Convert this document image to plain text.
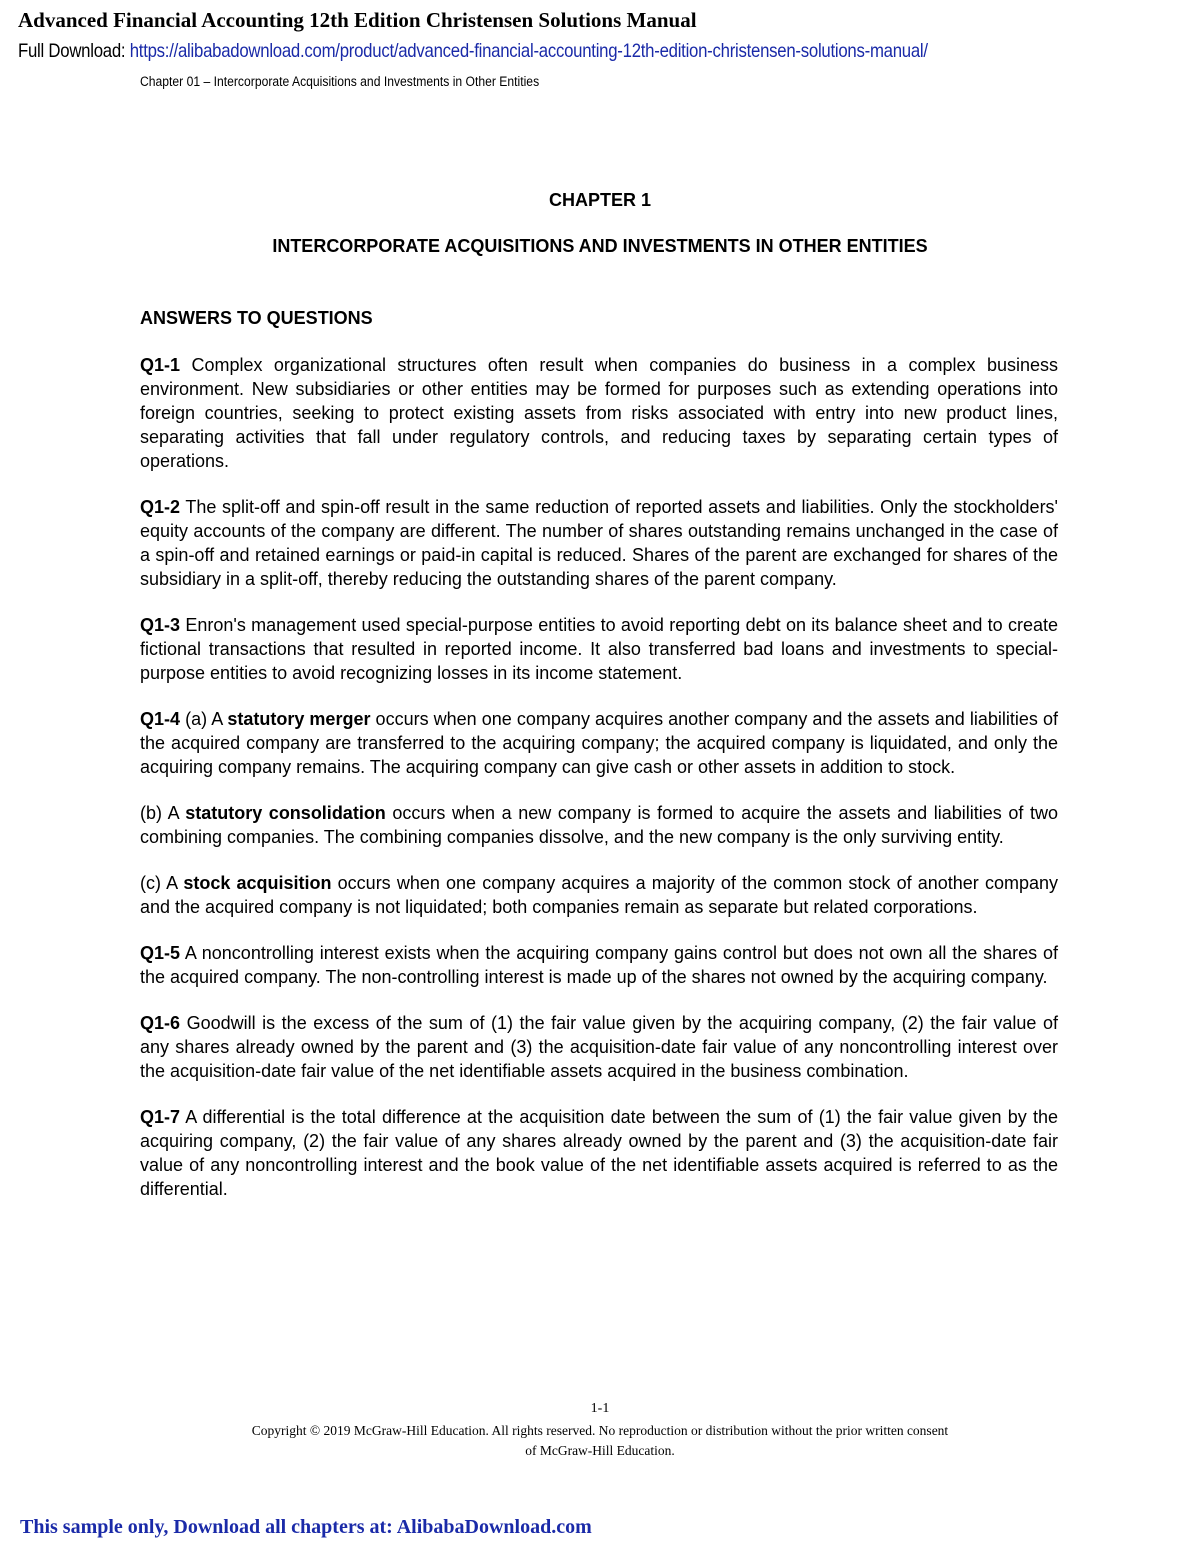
Advanced Financial Accounting 12th Edition Christensen Solutions Manual
Full Download: https://alibabadownload.com/product/advanced-financial-accounting-12th-edition-christensen-solutions-manual/
Chapter 01 – Intercorporate Acquisitions and Investments in Other Entities
CHAPTER 1
INTERCORPORATE ACQUISITIONS AND INVESTMENTS IN OTHER ENTITIES
ANSWERS TO QUESTIONS

Q1-1 Complex organizational structures often result when companies do business in a complex business environment. New subsidiaries or other entities may be formed for purposes such as extending operations into foreign countries, seeking to protect existing assets from risks associated with entry into new product lines, separating activities that fall under regulatory controls, and reducing taxes by separating certain types of operations.

Q1-2 The split-off and spin-off result in the same reduction of reported assets and liabilities. Only the stockholders' equity accounts of the company are different. The number of shares outstanding remains unchanged in the case of a spin-off and retained earnings or paid-in capital is reduced. Shares of the parent are exchanged for shares of the subsidiary in a split-off, thereby reducing the outstanding shares of the parent company.

Q1-3 Enron's management used special-purpose entities to avoid reporting debt on its balance sheet and to create fictional transactions that resulted in reported income. It also transferred bad loans and investments to special-purpose entities to avoid recognizing losses in its income statement.

Q1-4 (a) A statutory merger occurs when one company acquires another company and the assets and liabilities of the acquired company are transferred to the acquiring company; the acquired company is liquidated, and only the acquiring company remains. The acquiring company can give cash or other assets in addition to stock.

(b) A statutory consolidation occurs when a new company is formed to acquire the assets and liabilities of two combining companies. The combining companies dissolve, and the new company is the only surviving entity.

(c) A stock acquisition occurs when one company acquires a majority of the common stock of another company and the acquired company is not liquidated; both companies remain as separate but related corporations.

Q1-5 A noncontrolling interest exists when the acquiring company gains control but does not own all the shares of the acquired company. The non-controlling interest is made up of the shares not owned by the acquiring company.

Q1-6 Goodwill is the excess of the sum of (1) the fair value given by the acquiring company, (2) the fair value of any shares already owned by the parent and (3) the acquisition-date fair value of any noncontrolling interest over the acquisition-date fair value of the net identifiable assets acquired in the business combination.

Q1-7 A differential is the total difference at the acquisition date between the sum of (1) the fair value given by the acquiring company, (2) the fair value of any shares already owned by the parent and (3) the acquisition-date fair value of any noncontrolling interest and the book value of the net identifiable assets acquired is referred to as the differential.

1-1
Copyright © 2019 McGraw-Hill Education. All rights reserved. No reproduction or distribution without the prior written consent
of McGraw-Hill Education.
This sample only, Download all chapters at: AlibabaDownload.com
